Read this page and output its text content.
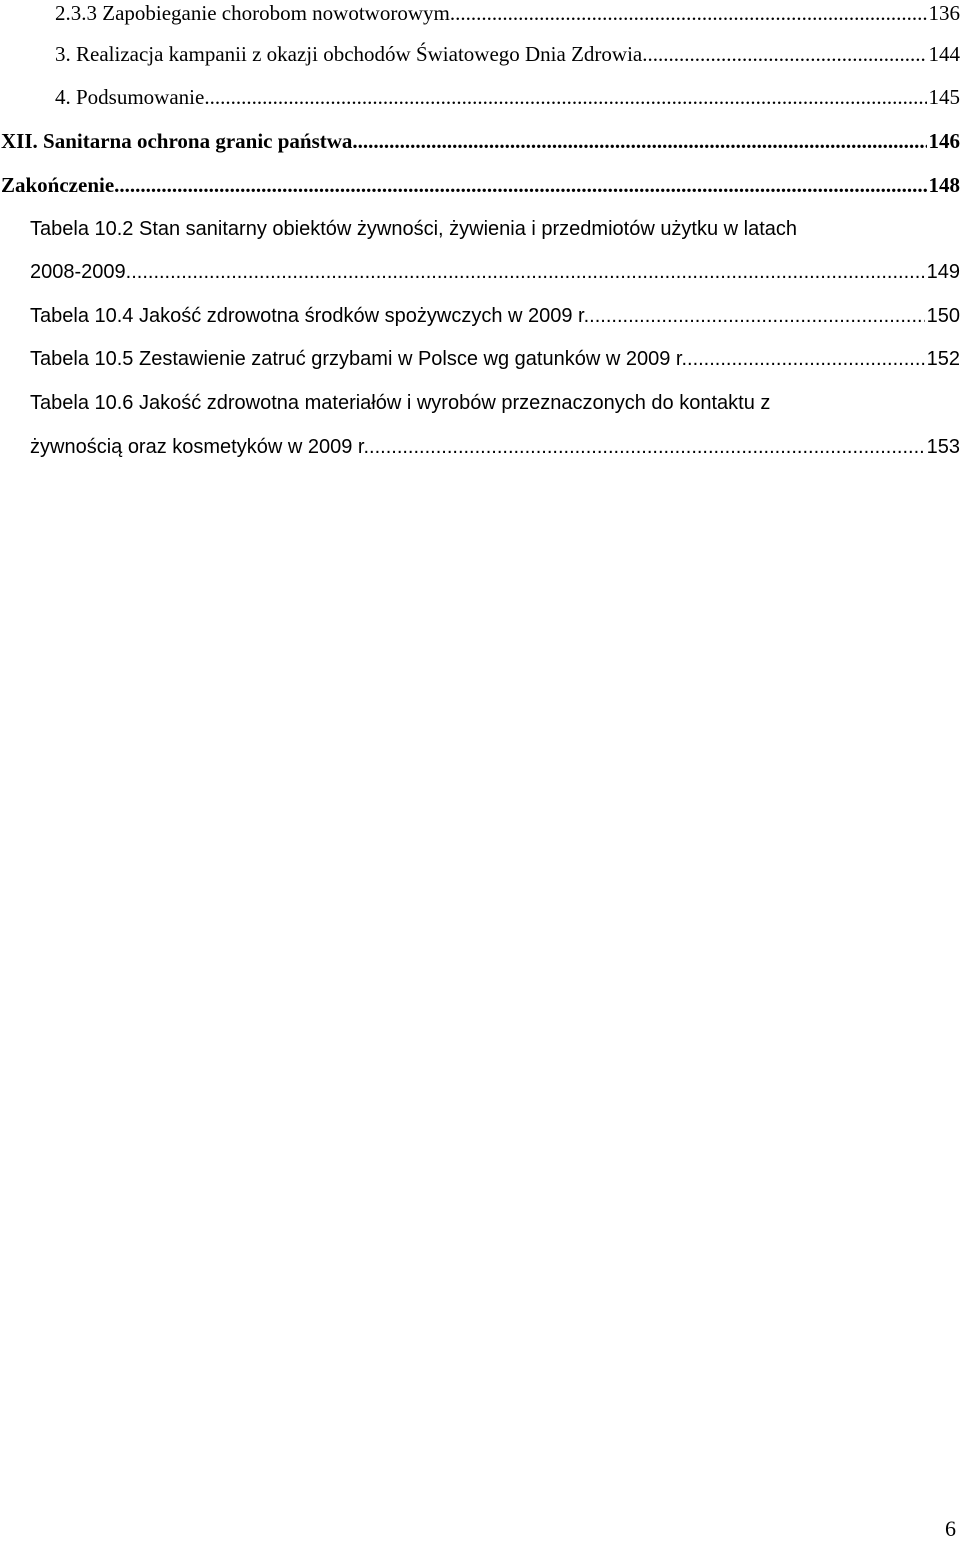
2.3.3 Zapobieganie chorobom nowotworowym .....	136
3. Realizacja kampanii z okazji obchodów Światowego Dnia Zdrowia .....	144
4. Podsumowanie .....	145
XII. Sanitarna ochrona granic państwa .....	146
Zakończenie .....	148
Tabela 10.2 Stan sanitarny obiektów żywności, żywienia i przedmiotów użytku w latach
2008-2009 .....	149
Tabela 10.4 Jakość zdrowotna środków spożywczych w 2009 r. .....	150
Tabela 10.5 Zestawienie zatruć grzybami w Polsce wg gatunków w 2009 r. .....	152
Tabela 10.6 Jakość zdrowotna materiałów i wyrobów przeznaczonych do kontaktu z
żywnością oraz kosmetyków w 2009 r. .....	153
6
